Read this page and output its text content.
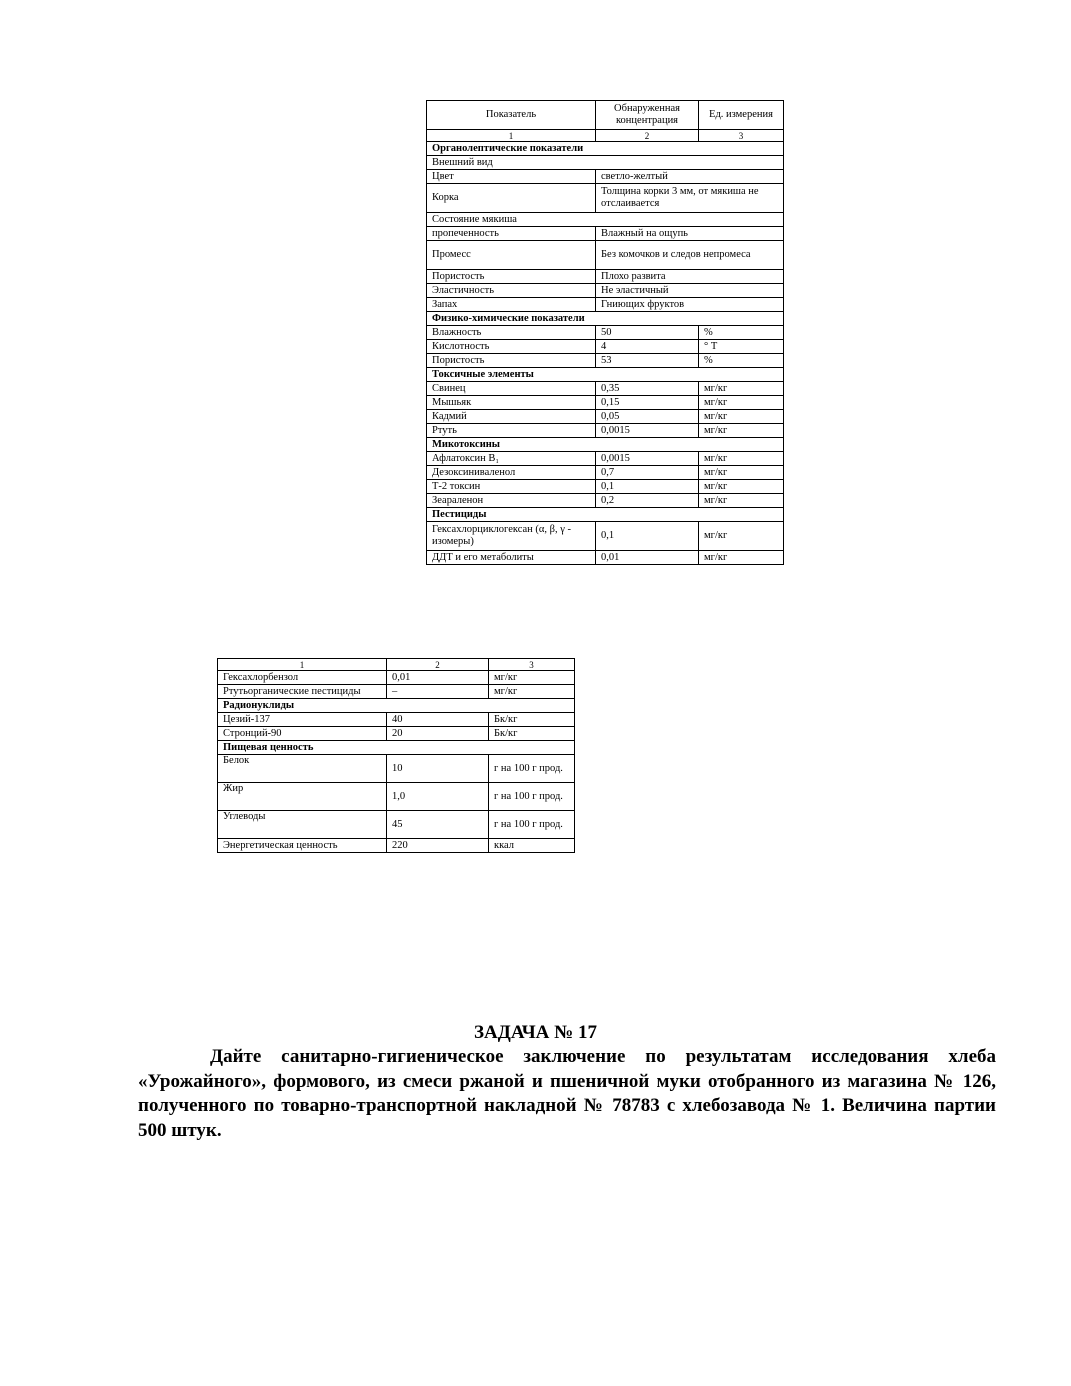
Показатель	Обнаруженная концентрация	Ед. измерения
1	2	3
Органолептические показатели		
Внешний вид		
Цвет	светло-желтый	
Корка	Толщина корки 3 мм, от мякиша не отслаивается	
Состояние мякиша		
пропеченность	Влажный на ощупь	
Промесс	Без комочков и следов непромеса	
Пористость	Плохо развита	
Эластичность	Не эластичный	
Запах	Гниющих фруктов	
Физико-химические показатели		
Влажность	50	%
Кислотность	4	° Т
Пористость	53	%
Токсичные элементы		
Свинец	0,35	мг/кг
Мышьяк	0,15	мг/кг
Кадмий	0,05	мг/кг
Ртуть	0,0015	мг/кг
Микотоксины		
Афлатоксин В₁	0,0015	мг/кг
Дезоксиниваленол	0,7	мг/кг
Т-2 токсин	0,1	мг/кг
Зеараленон	0,2	мг/кг
Пестициды		
Гексахлорциклогексан (α, β, γ - изомеры)	0,1	мг/кг
ДДТ и его метаболиты	0,01	мг/кг
1	2	3
Гексахлорбензол	0,01	мг/кг
Ртутьорганические пестициды	–	мг/кг
Радионуклиды		
Цезий-137	40	Бк/кг
Стронций-90	20	Бк/кг
Пищевая ценность		
Белок	10	г на 100 г прод.
Жир	1,0	г на 100 г прод.
Углеводы	45	г на 100 г прод.
Энергетическая ценность	220	ккал
ЗАДАЧА № 17

Дайте санитарно-гигиеническое заключение по результатам исследования хлеба «Урожайного», формового, из смеси ржаной и пшеничной муки отобранного из магазина № 126, полученного по товарно-транспортной накладной № 78783 с хлебозавода № 1. Величина партии 500 штук.
